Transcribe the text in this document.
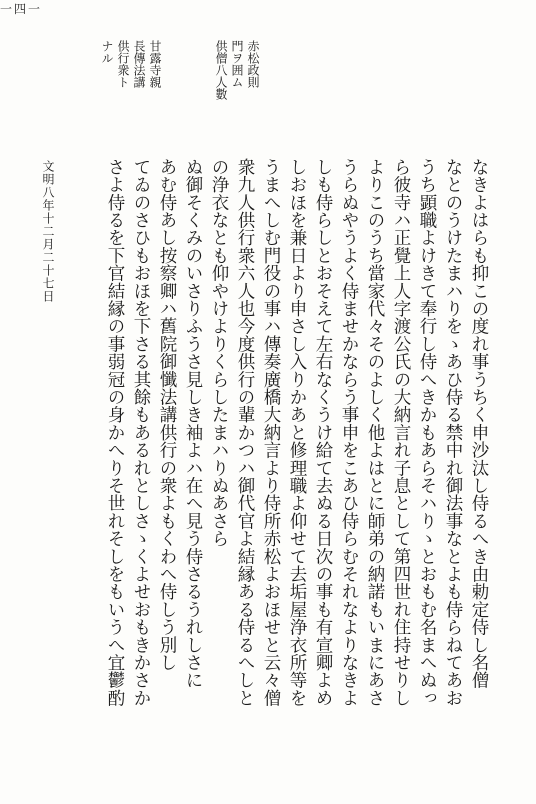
赤松政則
門ヲ囲ム
供僧八人數
甘露寺親
長傳法講
供行衆ト
ナル
なきよはらも抑この度れ事うちく申沙汰し侍るへき由勅定侍し名僧
なとのうけたまハりをゝあひ侍る禁中れ御法事なとよも侍らねてあお
うち顕職よけきて奉行し侍へきかもあらそハりゝとおもむ名まへぬっ
ら彼寺ハ正覺上人字渡公氏の大納言れ子息として第四世れ住持せりし
よりこのうち當家代々そのよしく他よはとに師弟の納諾もいまにあさ
うらぬやうよく侍ませかならう事申をこあひ侍らむそれなよりなきよ
しも侍らしとおそえて左右なくうけ給て去ぬる日次の事も有宣卿よめ
しおほを兼日より申さし入りかあと修理職よ仰せて去垢屋浄衣所等を
うまへしむ門役の事ハ傳奏廣橋大納言より侍所赤松よおほせと云々僧
衆九人供行衆六人也今度供行の輩かつハ御代官よ結縁ある侍るへしと
の浄衣なとも仰やけよりくらしたまハりぬあさら
ぬ御そくみのいさりふうさ見しき袖よハ在へ見う侍さるうれしさに
あむ侍あし按察卿ハ舊院御懺法講供行の衆よもくわへ侍しう別し
てゐのさひもおほを下さる其餘もあるれとしさゝくよせおもきかさか
さよ侍るを下官結縁の事弱冠の身かへりそ世れそしをもいうへ宜鬱酌
文明八年十二月二十七日
一四一
